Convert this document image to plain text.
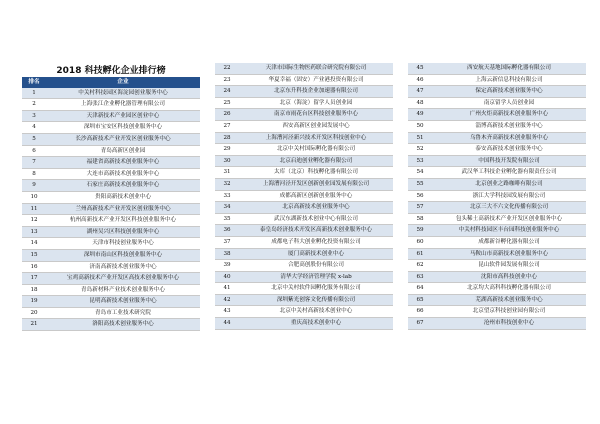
2018 科技孵化企业排行榜
排名	企业
1	中关村科技园区海淀园创业服务中心
2	上海张江企业孵化器管理有限公司
3	天津新技术产业园区创业中心
4	深圳市宝安区科技创业服务中心
5	长沙高新技术产业开发区创业服务中心
6	青岛高新区创业园
7	福建省高新技术创业服务中心
8	大连市高新技术创业服务中心
9	石家庄高新技术创业服务中心
10	贵阳高新技术创业中心
11	兰州高新技术产业开发区创业服务中心
12	杭州高新技术产业开发区科技创业服务中心
13	湖州吴兴区科技创业服务中心
14	天津市科技创业服务中心
15	深圳市南山区科技创业服务中心
16	济南高新技术创业服务中心
17	宝鸡高新技术产业开发区高技术创业服务中心
18	青岛新材料产业技术创业服务中心
19	昆明高新技术创业服务中心
20	青岛市工业技术研究院
21	洛阳高技术创业服务中心
22	天津市国际生物医药联合研究院有限公司
23	华夏幸福（固安）产业港投资有限公司
24	北京东升科技企业加速器有限公司
25	北京（海淀）留学人员创业园
26	南京市雨花台区科技创业服务中心
27	西安高新区创业园发展中心
28	上海漕河泾新兴技术开发区科技创业中心
29	北京中关村国际孵化器有限公司
30	北京启迪创业孵化器有限公司
31	太库（北京）科技孵化器有限公司
32	上海漕河泾开发区创新创业园发展有限公司
33	成都高新区创新创业服务中心
34	北京高新技术创业服务中心
35	武汉东湖新技术创业中心有限公司
36	泰皇岛经济技术开发区高新技术创业服务中心
37	成都电子科大创业孵化投资有限公司
38	厦门高新技术创业中心
39	合肥高创股份有限公司
40	清华大学经济管理学院 x-lab
41	北京中关村软件园孵化服务有限公司
42	深圳紫光创客文化传播有限公司
43	北京中关村高新技术创业中心
44	重庆高技术创业中心
45	西安航天基地国际孵化器有限公司
46	上海云新信息科技有限公司
47	保定高新技术创业服务中心
48	南京留学人员创业园
49	广州火炬高新技术创业服务中心
50	淄博高新技术创业服务中心
51	乌鲁木齐高新技术创业服务中心
52	泰安高新技术创业服务中心
53	中国科技开发院有限公司
54	武汉华工科技企业孵化器有限责任公司
55	北京创业之路咖啡有限公司
56	浙江大学科技园发展有限公司
57	北京三大不六文化传播有限公司
58	包头稀土高新技术产业开发区创业服务中心
59	中关村科技园区丰台园科技创业服务中心
60	成都新谷孵化器有限公司
61	马鞍山市高新技术创业服务中心
62	昆山软件园发展有限公司
63	沈阳市高科技创业中心
64	北京均大高科科技孵化器有限公司
65	芜湖高新技术创业服务中心
66	北京望京科技创业园有限公司
67	沧州市科技创业中心
